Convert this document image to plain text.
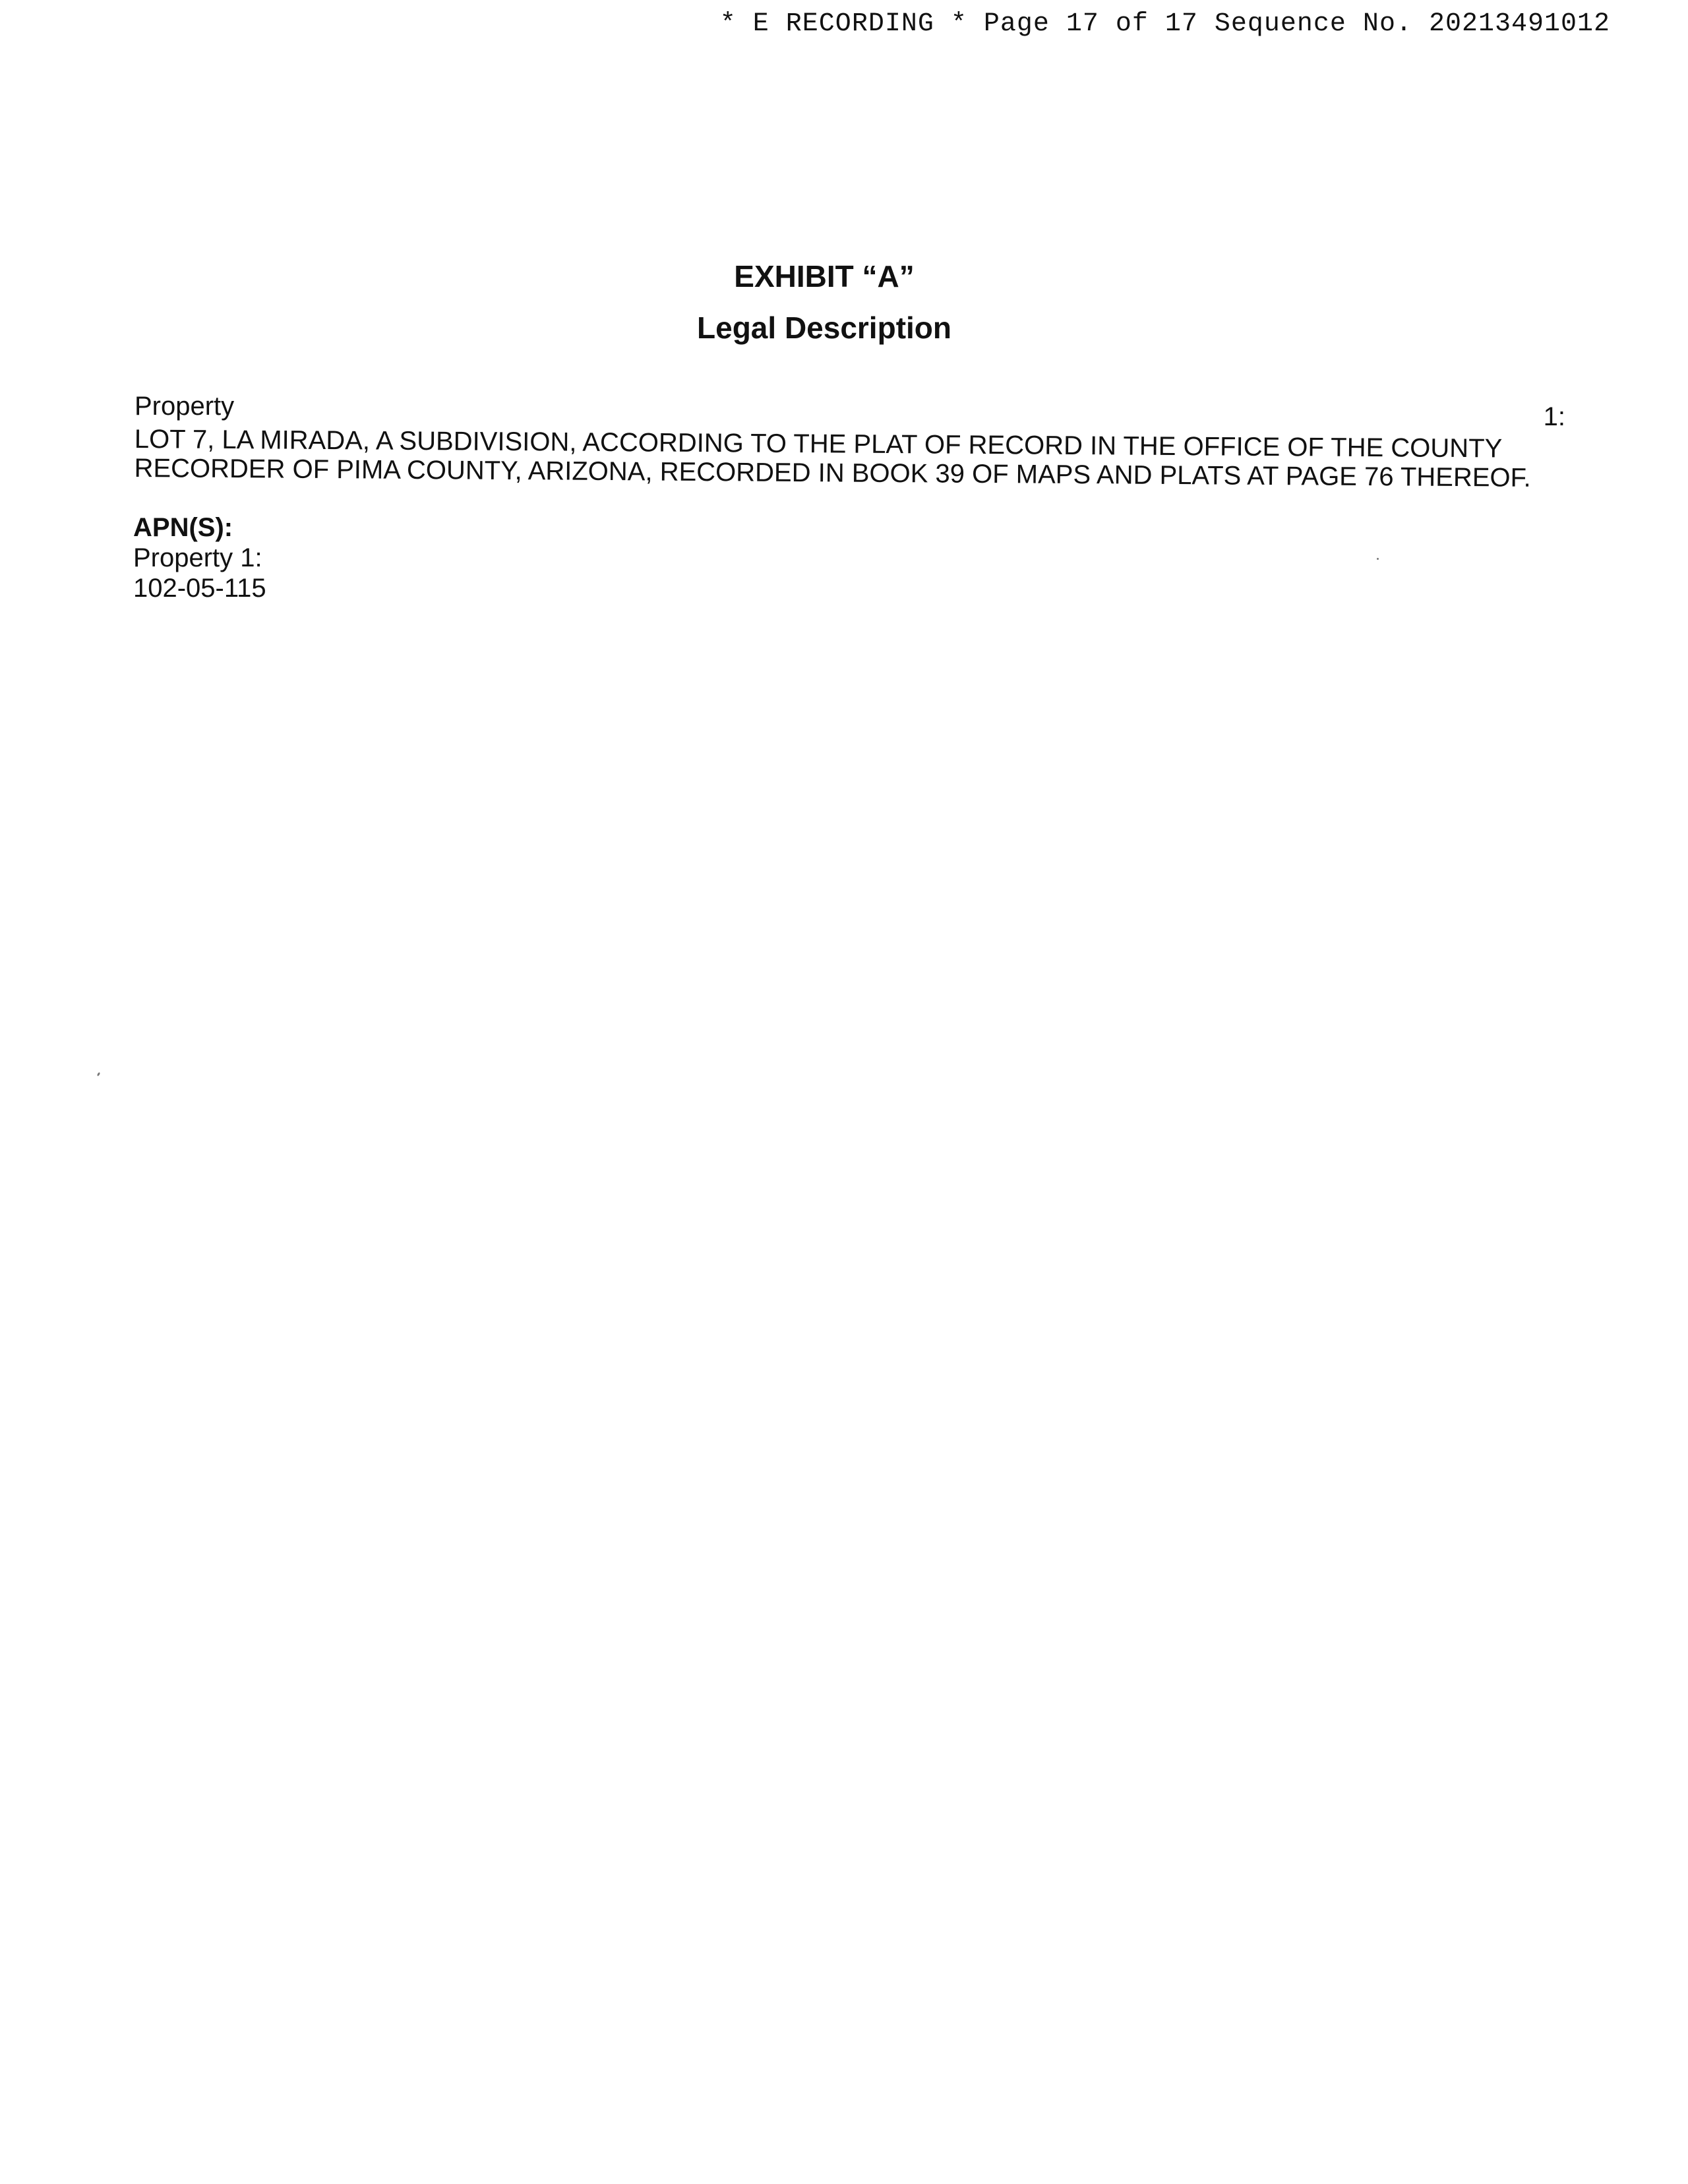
* E RECORDING * Page 17 of 17 Sequence No. 20213491012
EXHIBIT “A”
Legal Description
Property	1:
LOT 7, LA MIRADA, A SUBDIVISION, ACCORDING TO THE PLAT OF RECORD IN THE OFFICE OF THE COUNTY
RECORDER OF PIMA COUNTY, ARIZONA, RECORDED IN BOOK 39 OF MAPS AND PLATS AT PAGE 76 THEREOF.
APN(S):
Property 1:
102-05-115
